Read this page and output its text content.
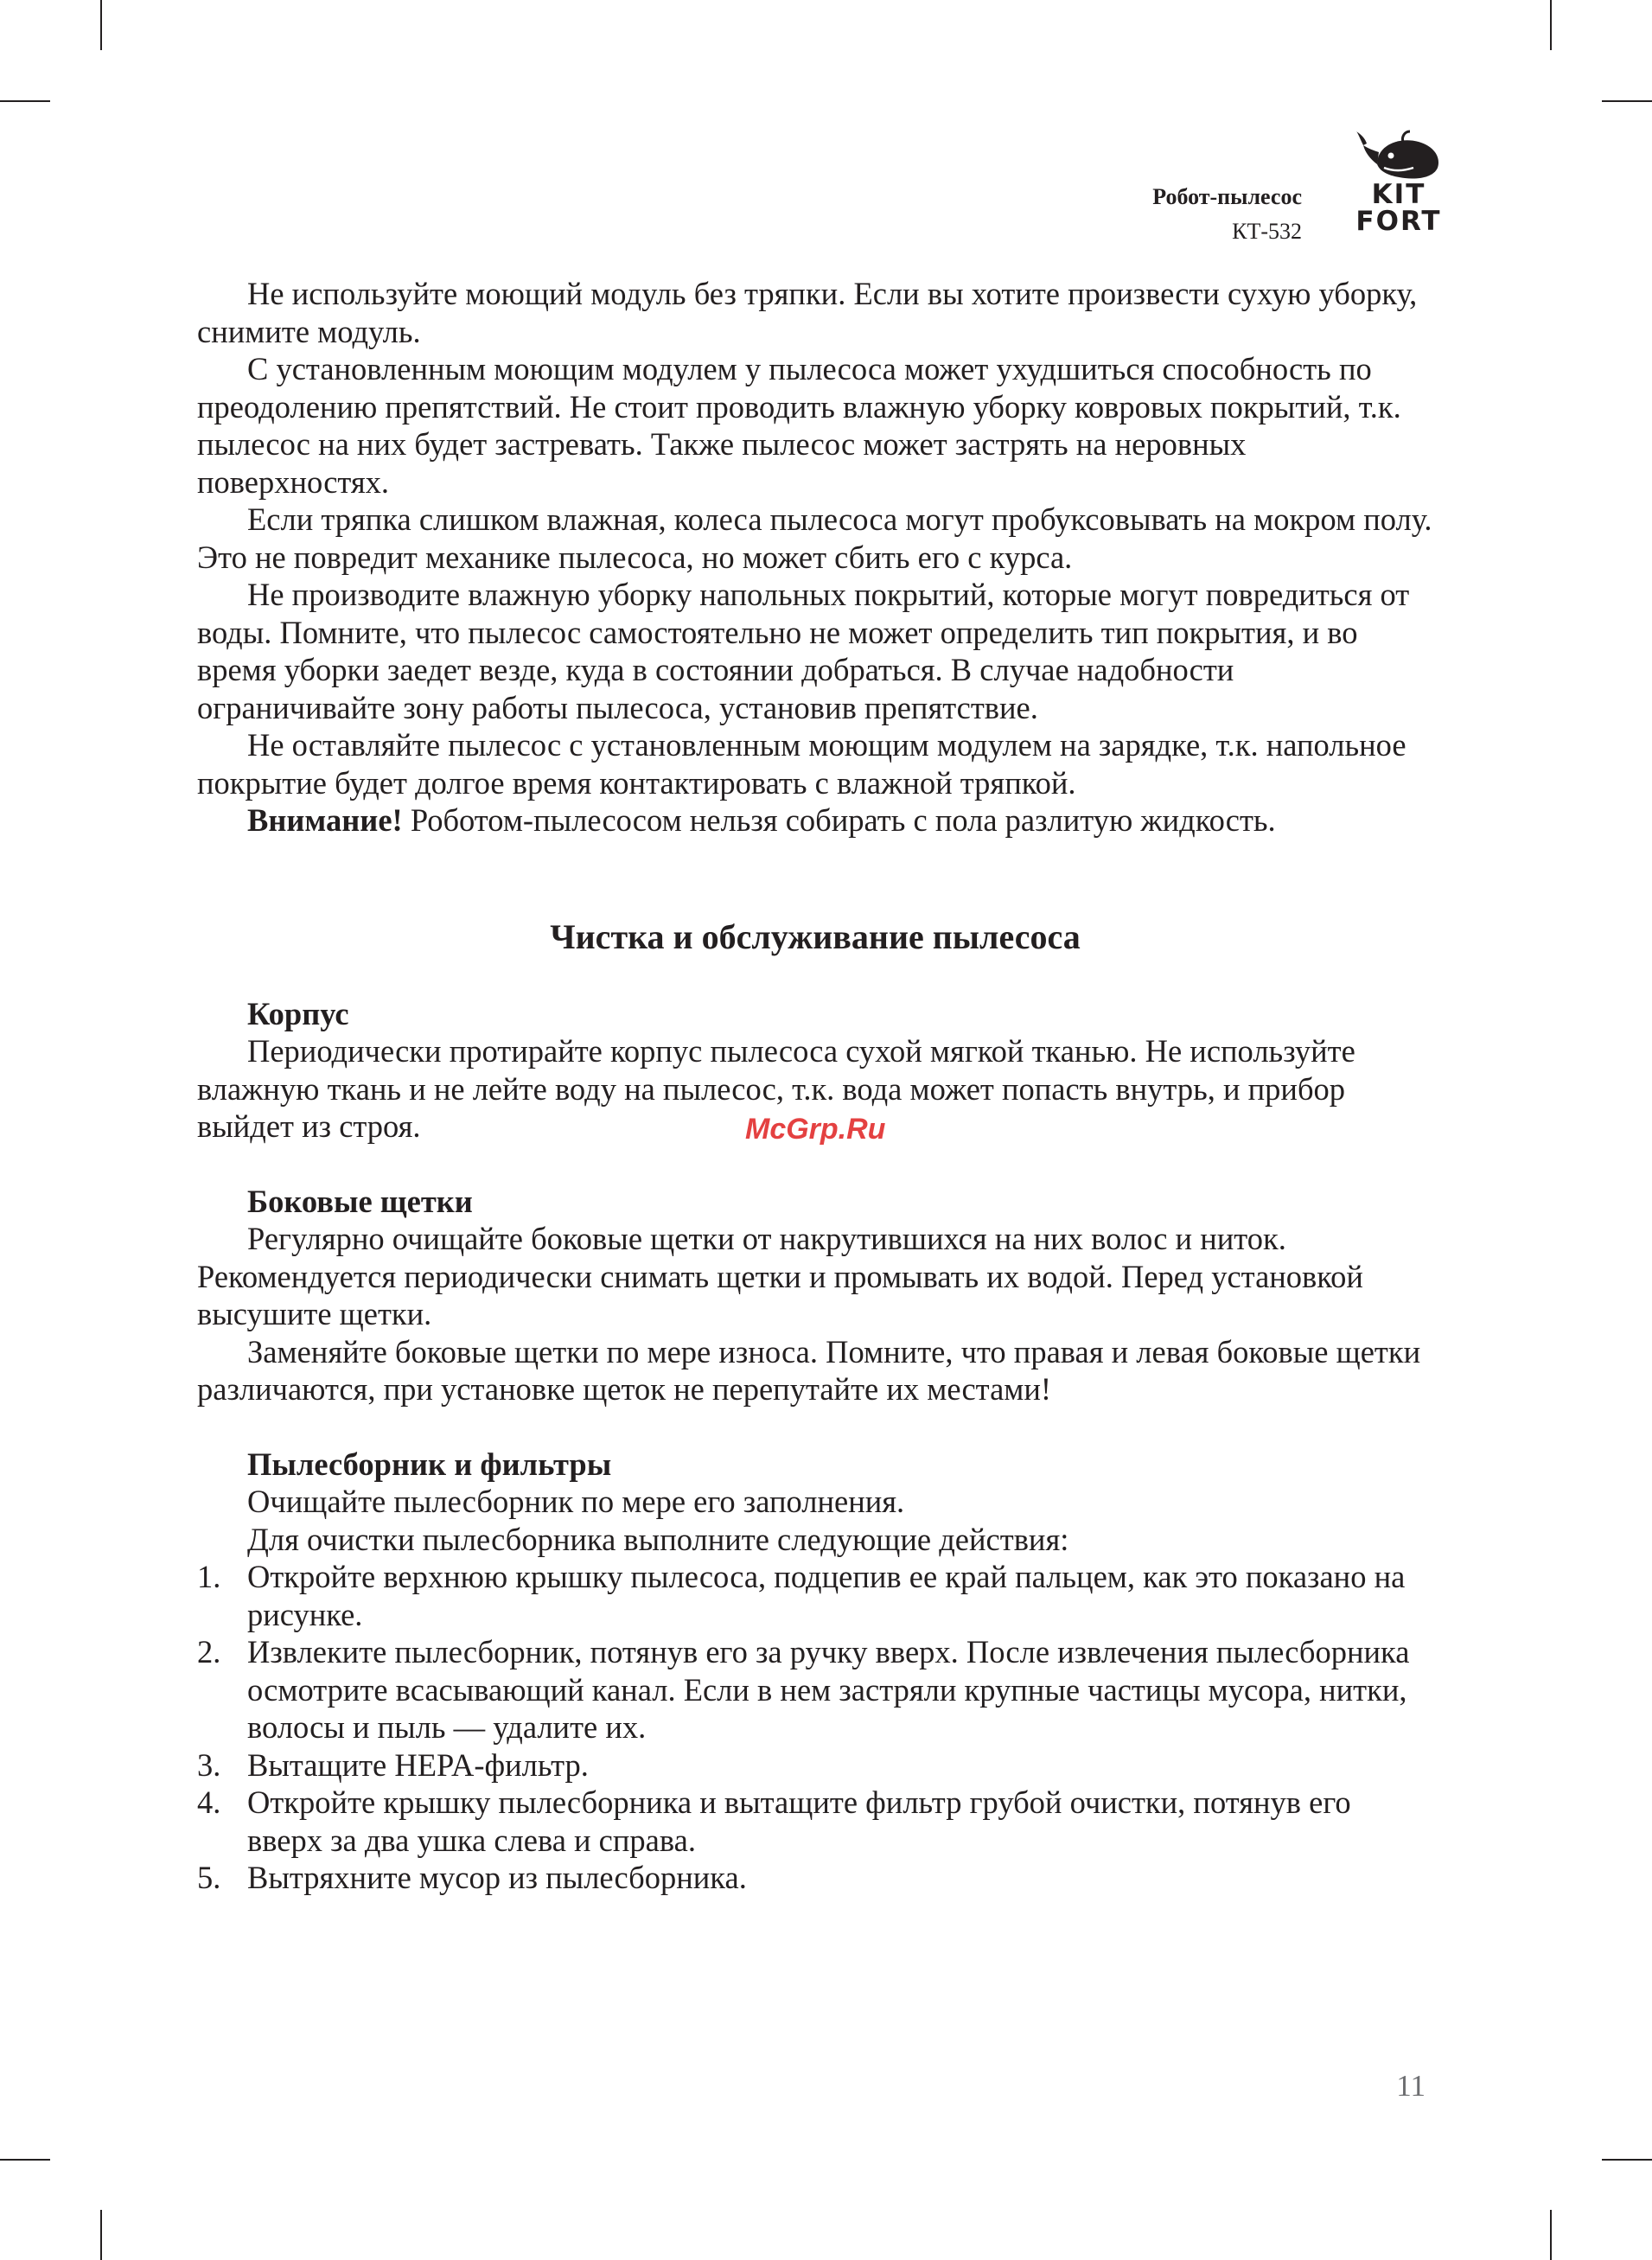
Робот-пылесос
КТ-532
KIT
FORT

Не используйте моющий модуль без тряпки. Если вы хотите произвести сухую уборку, снимите модуль.

С установленным моющим модулем у пылесоса может ухудшиться способность по преодолению препятствий. Не стоит проводить влажную уборку ковровых покрытий, т.к. пылесос на них будет застревать. Также пылесос может застрять на неровных поверхностях.

Если тряпка слишком влажная, колеса пылесоса могут пробуксовывать на мокром полу. Это не повредит механике пылесоса, но может сбить его с курса.

Не производите влажную уборку напольных покрытий, которые могут повредиться от воды. Помните, что пылесос самостоятельно не может определить тип покрытия, и во время уборки заедет везде, куда в состоянии добраться. В случае надобности ограничивайте зону работы пылесоса, установив препятствие.

Не оставляйте пылесос с установленным моющим модулем на зарядке, т.к. напольное покрытие будет долгое время контактировать с влажной тряпкой.

Внимание! Роботом-пылесосом нельзя собирать с пола разлитую жидкость.

Чистка и обслуживание пылесоса
Корпус

Периодически протирайте корпус пылесоса сухой мягкой тканью. Не используйте влажную ткань и не лейте воду на пылесос, т.к. вода может попасть внутрь, и прибор выйдет из строя.

Боковые щетки

Регулярно очищайте боковые щетки от накрутившихся на них волос и ниток. Рекомендуется периодически снимать щетки и промывать их водой. Перед установкой высушите щетки.

Заменяйте боковые щетки по мере износа. Помните, что правая и левая боковые щетки различаются, при установке щеток не перепутайте их местами!

Пылесборник и фильтры

Очищайте пылесборник по мере его заполнения.

Для очистки пылесборника выполните следующие действия:

1. Откройте верхнюю крышку пылесоса, подцепив ее край пальцем, как это показано на рисунке.
2. Извлеките пылесборник, потянув его за ручку вверх. После извлечения пылесборника осмотрите всасывающий канал. Если в нем застряли крупные частицы мусора, нитки, волосы и пыль — удалите их.
3. Вытащите HEPA-фильтр.
4. Откройте крышку пылесборника и вытащите фильтр грубой очистки, потянув его вверх за два ушка слева и справа.
5. Вытряхните мусор из пылесборника.
McGrp.Ru
11
